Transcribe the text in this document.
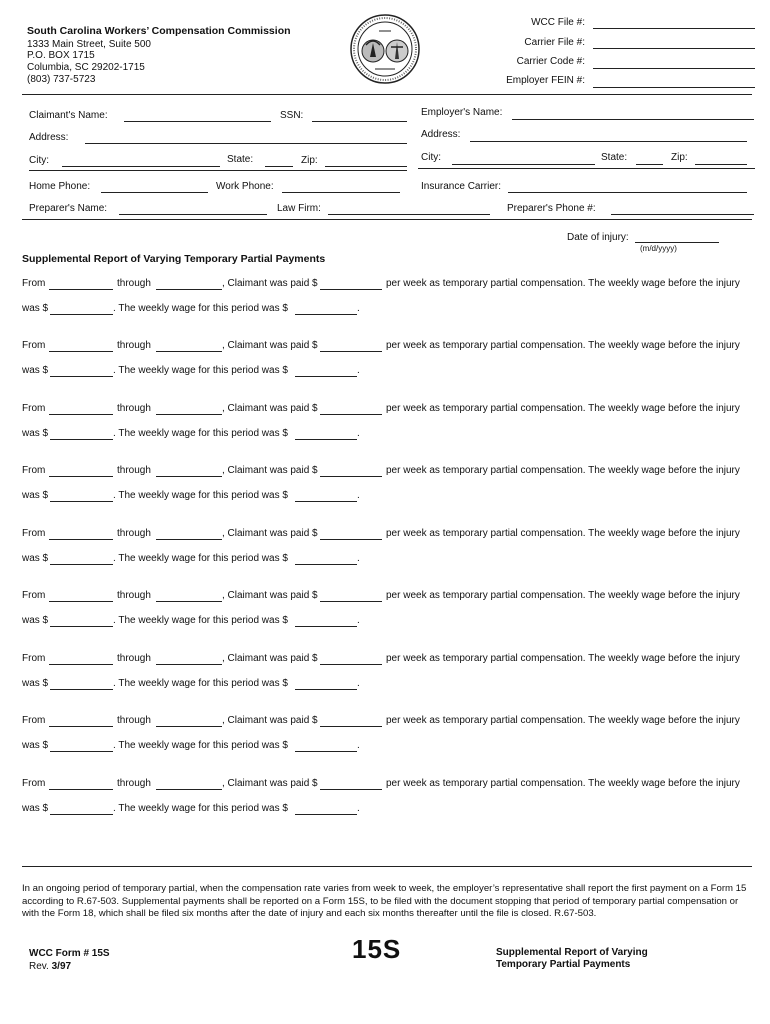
South Carolina Workers’ Compensation Commission
1333 Main Street, Suite 500
P.O. BOX 1715
Columbia, SC 29202-1715
(803) 737-5723
WCC File #:
Carrier File #:
Carrier Code #:
Employer FEIN #:
Claimant's Name:	SSN:	Employer's Name:
Address:	Address:
City:	State:	Zip:	City:	State:	Zip:
Home Phone:	Work Phone:	Insurance Carrier:
Preparer's Name:	Law Firm:	Preparer's Phone #:
Date of injury:
(m/d/yyyy)
Supplemental Report of Varying Temporary Partial Payments
From	through	, Claimant was paid $	per week as temporary partial compensation. The weekly wage before the injury
was $	. The weekly wage for this period was $	.
From	through	, Claimant was paid $	per week as temporary partial compensation. The weekly wage before the injury
was $	. The weekly wage for this period was $	.
From	through	, Claimant was paid $	per week as temporary partial compensation. The weekly wage before the injury
was $	. The weekly wage for this period was $	.
From	through	, Claimant was paid $	per week as temporary partial compensation. The weekly wage before the injury
was $	. The weekly wage for this period was $	.
From	through	, Claimant was paid $	per week as temporary partial compensation. The weekly wage before the injury
was $	. The weekly wage for this period was $	.
From	through	, Claimant was paid $	per week as temporary partial compensation. The weekly wage before the injury
was $	. The weekly wage for this period was $	.
From	through	, Claimant was paid $	per week as temporary partial compensation. The weekly wage before the injury
was $	. The weekly wage for this period was $	.
From	through	, Claimant was paid $	per week as temporary partial compensation. The weekly wage before the injury
was $	. The weekly wage for this period was $	.
From	through	, Claimant was paid $	per week as temporary partial compensation. The weekly wage before the injury
was $	. The weekly wage for this period was $	.
In an ongoing period of temporary partial, when the compensation rate varies from week to week, the employer’s representative shall report the first payment on a Form 15 according to R.67-503. Supplemental payments shall be reported on a Form 15S, to be filed with the document stopping that period of temporary partial compensation or with the Form 18, which shall be filed six months after the date of injury and each six months thereafter until the file is closed. R.67-503.
WCC Form # 15S
Rev. 3/97
15S	Supplemental Report of Varying
Temporary Partial Payments
